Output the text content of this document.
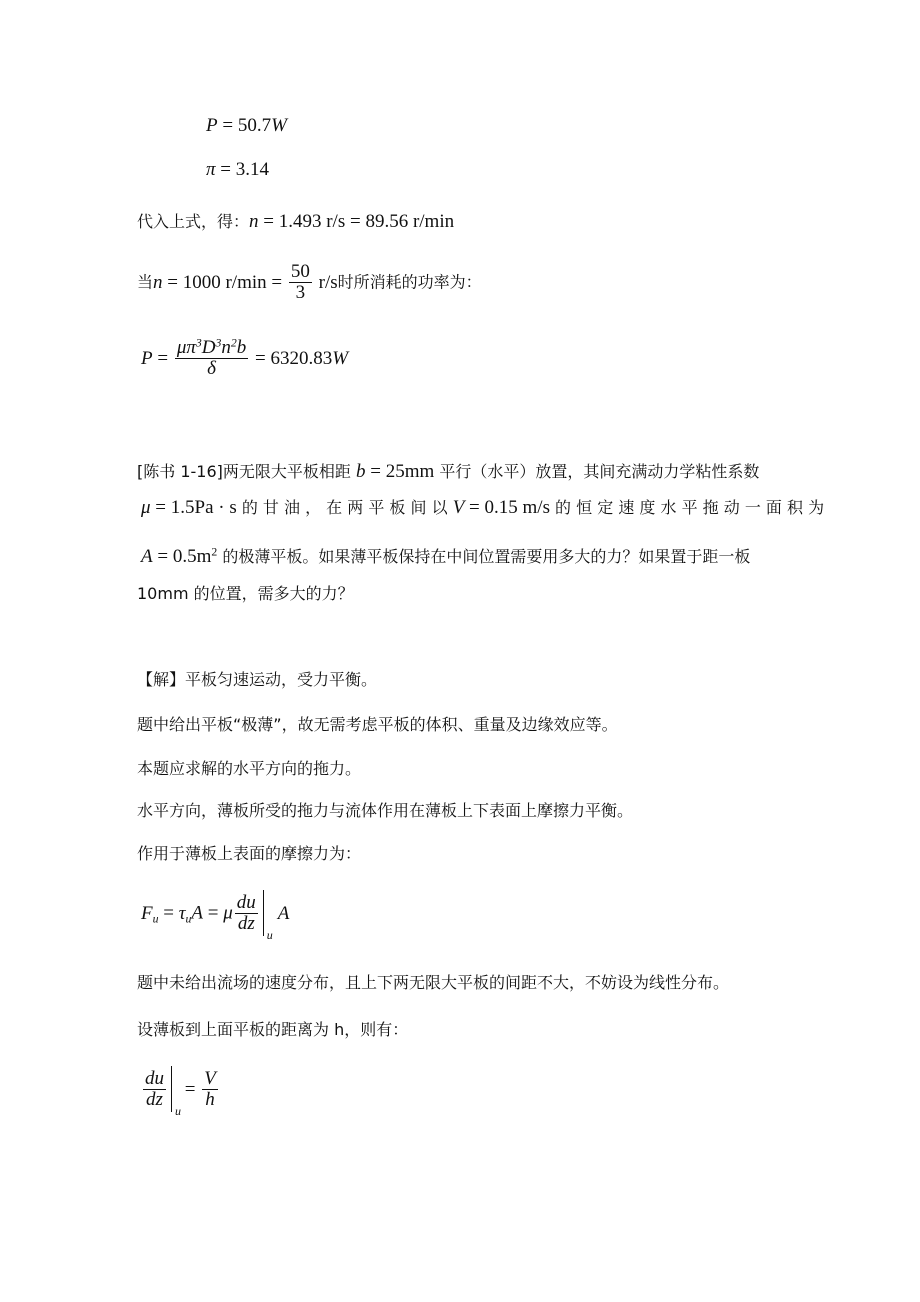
P = 50.7W
π = 3.14
代入上式，得：n = 1.493 r/s = 89.56 r/min
当n = 1000 $r/\min = \frac{50}{3} r/s$时所消耗的功率为：
$P = \frac{\mu\pi^3D^3n^2b}{\delta} = 6320.83W$
[陈书 1-16]两无限大平板相距 b = 25mm 平行（水平）放置，其间充满动力学粘性系数
μ = 1.5Pa · s 的 甘 油 ， 在 两 平 板 间 以 V = 0.15 m/s 的 恒 定 速 度 水 平 拖 动 一 面 积 为
$A = 0.5m^2$ 的极薄平板。如果薄平板保持在中间位置需要用多大的力？如果置于距一板
10mm 的位置，需多大的力？
【解】平板匀速运动，受力平衡。
题中给出平板“极薄”，故无需考虑平板的体积、重量及边缘效应等。
本题应求解的水平方向的拖力。
水平方向，薄板所受的拖力与流体作用在薄板上下表面上摩擦力平衡。
作用于薄板上表面的摩擦力为：
$F_u = \tau_uA = \mu \frac{du}{dz}$
u
A
题中未给出流场的速度分布，且上下两无限大平板的间距不大，不妨设为线性分布。
设薄板到上面平板的距离为 h，则有：
$\frac{du}{dz}$
u
= $\frac{V}{h}$
